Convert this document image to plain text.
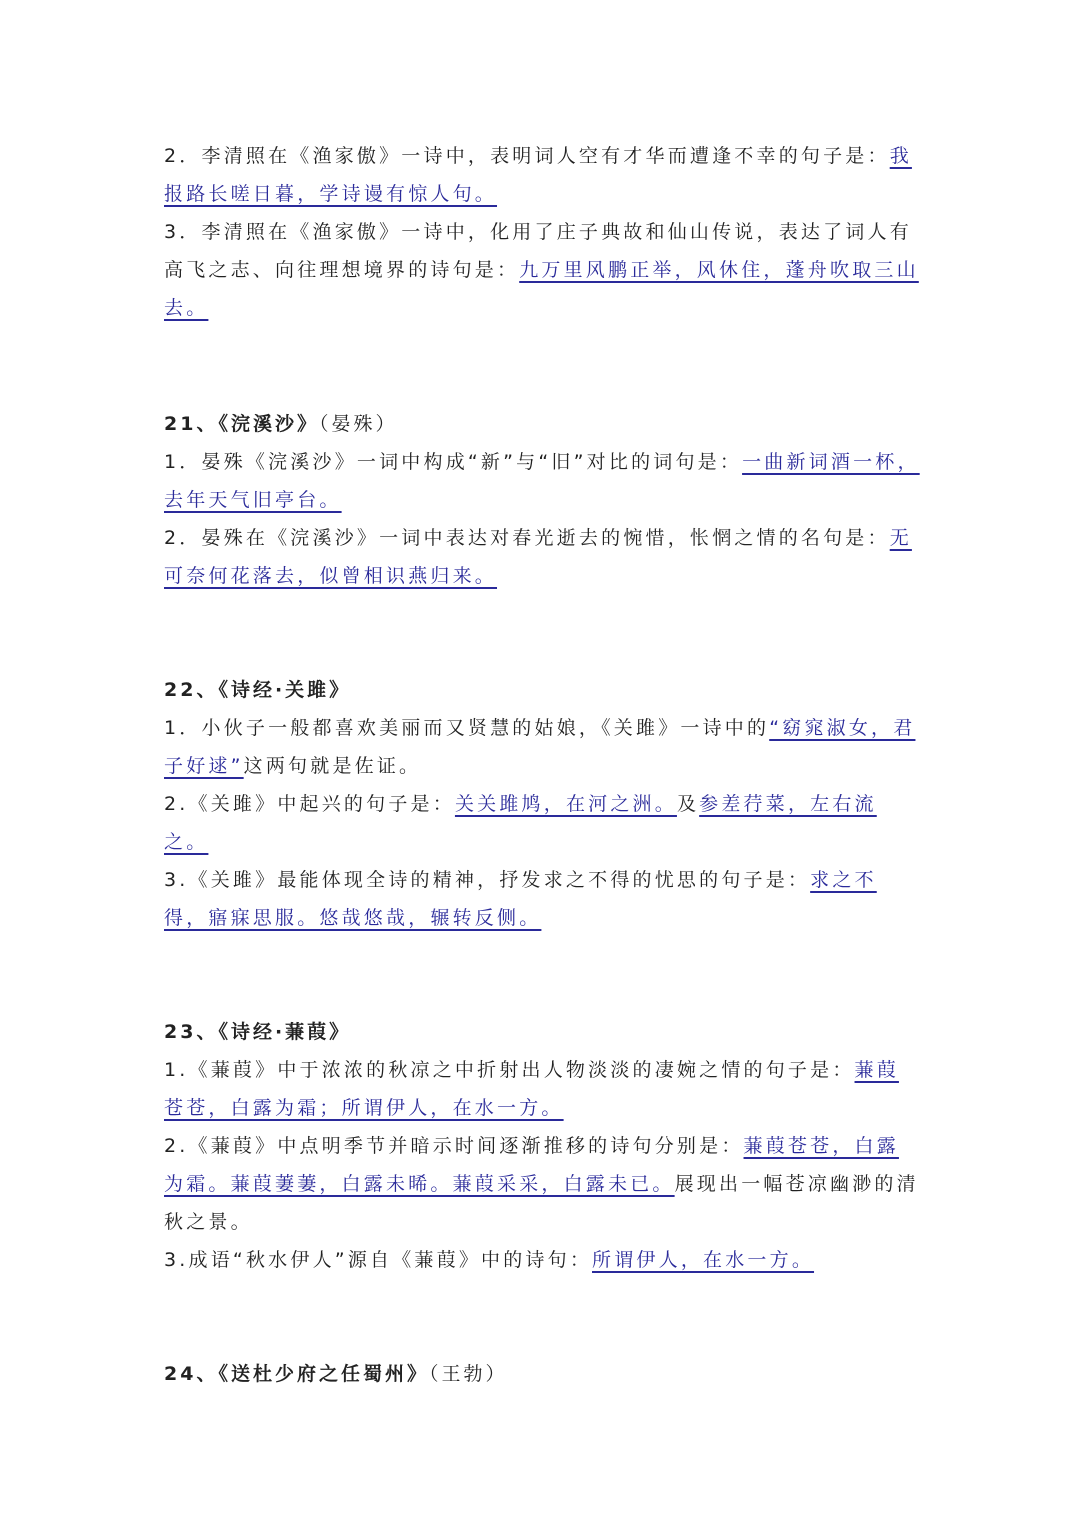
2．李清照在《渔家傲》一诗中，表明词人空有才华而遭逢不幸的句子是：我报路长嗟日暮，学诗谩有惊人句。

3．李清照在《渔家傲》一诗中，化用了庄子典故和仙山传说，表达了词人有高飞之志、向往理想境界的诗句是：九万里风鹏正举，风休住，蓬舟吹取三山去。

21、《浣溪沙》（晏殊）

1．晏殊《浣溪沙》一词中构成“新”与“旧”对比的词句是：一曲新词酒一杯，去年天气旧亭台。

2．晏殊在《浣溪沙》一词中表达对春光逝去的惋惜，怅惘之情的名句是：无可奈何花落去，似曾相识燕归来。

22、《诗经·关雎》

1．小伙子一般都喜欢美丽而又贤慧的姑娘，《关雎》一诗中的“窈窕淑女，君子好逑”这两句就是佐证。

2.《关雎》中起兴的句子是：关关雎鸠，在河之洲。及参差荇菜，左右流之。

3.《关雎》最能体现全诗的精神，抒发求之不得的忧思的句子是：求之不得，寤寐思服。悠哉悠哉，辗转反侧。

23、《诗经·蒹葭》

1.《蒹葭》中于浓浓的秋凉之中折射出人物淡淡的凄婉之情的句子是：蒹葭苍苍，白露为霜；所谓伊人，在水一方。

2.《蒹葭》中点明季节并暗示时间逐渐推移的诗句分别是：蒹葭苍苍，白露为霜。蒹葭萋萋，白露未晞。蒹葭采采，白露未已。展现出一幅苍凉幽渺的清秋之景。

3.成语“秋水伊人”源自《蒹葭》中的诗句：所谓伊人，在水一方。

24、《送杜少府之任蜀州》（王勃）
